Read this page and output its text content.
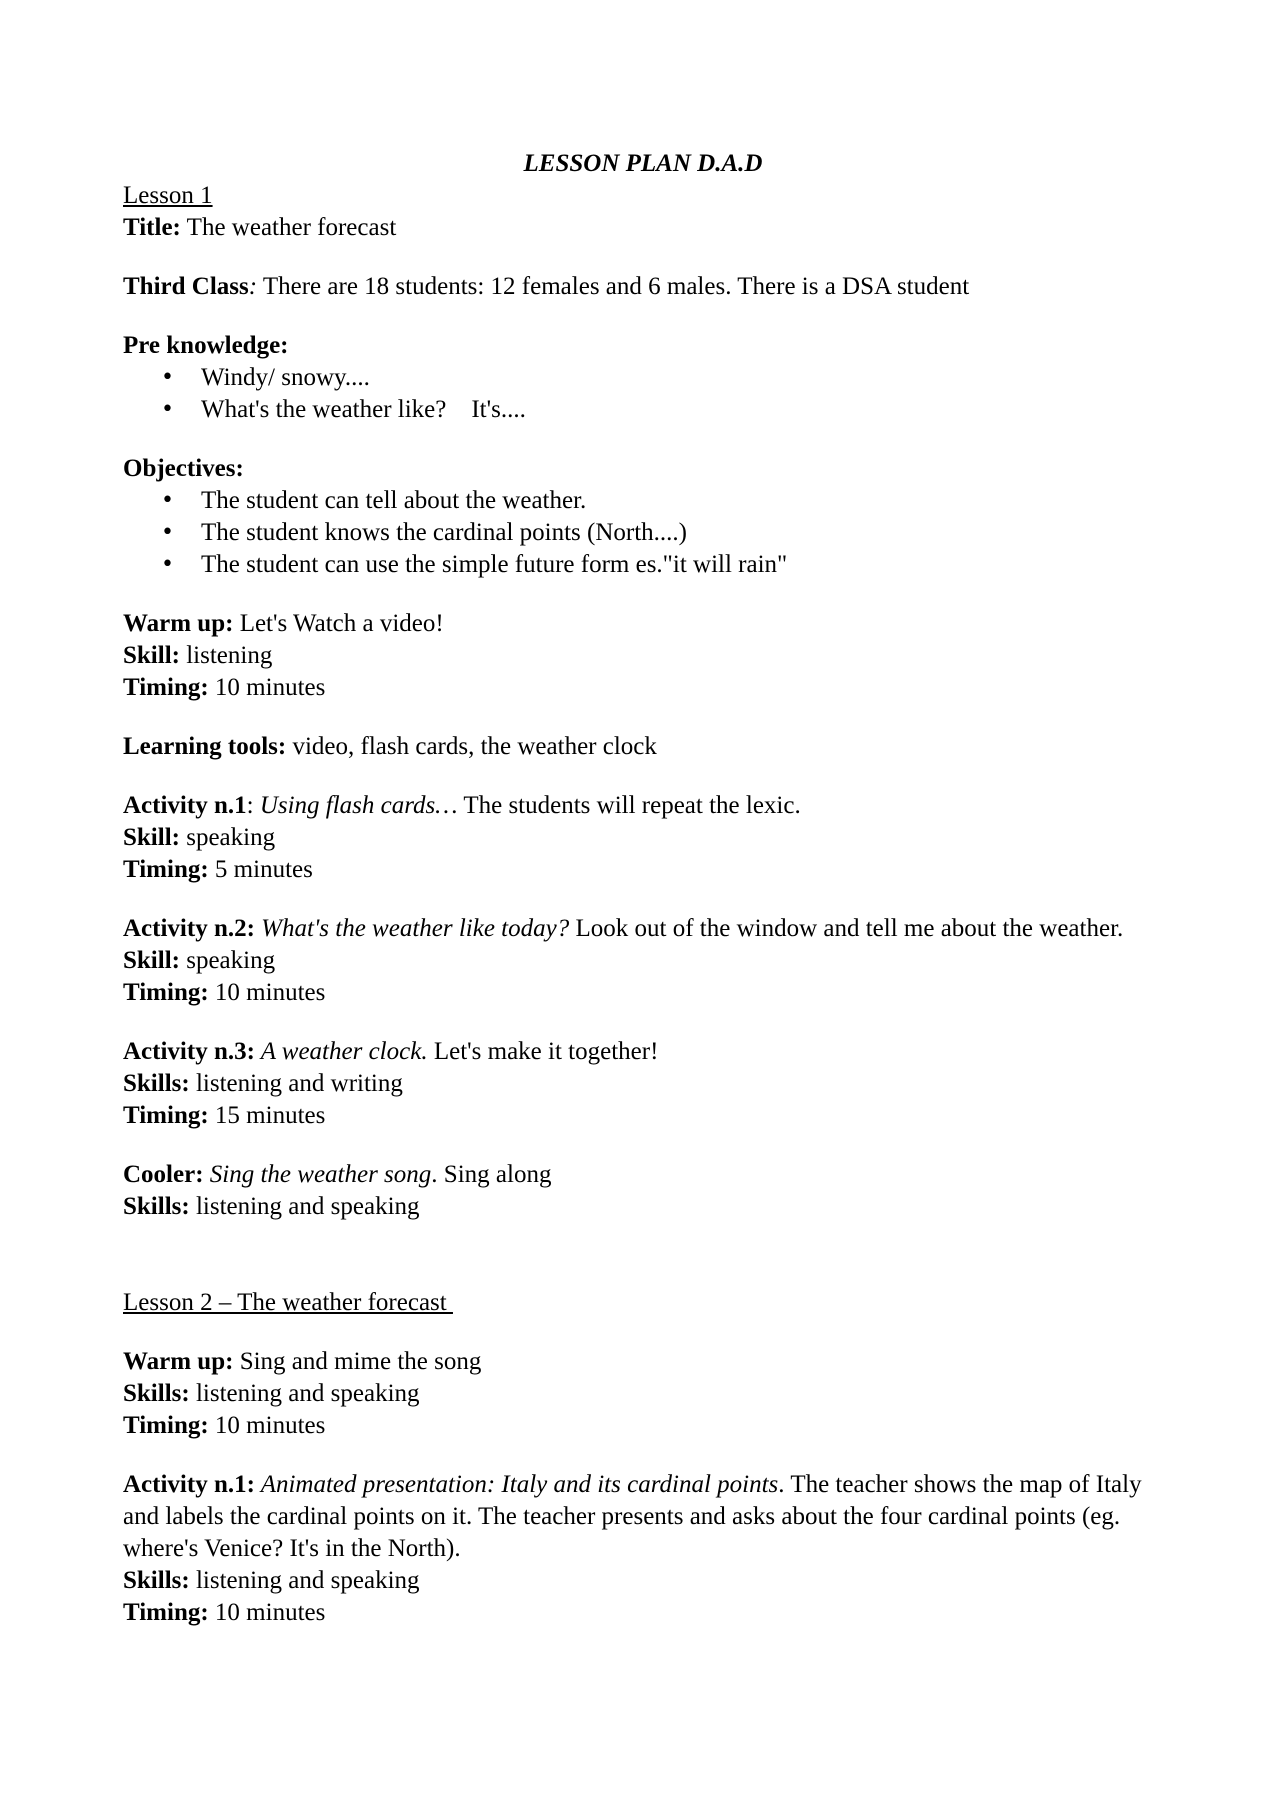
LESSON PLAN D.A.D
Lesson 1
Title: The weather forecast
Third Class: There are 18 students: 12 females and 6 males. There is a DSA student
Pre knowledge:
• Windy/ snowy....
• What's the weather like?    It's....
Objectives:
• The student can tell about the weather.
• The student knows the cardinal points (North....)
• The student can use the simple future form es."it will rain"
Warm up: Let's Watch a video!
Skill: listening
Timing: 10 minutes
Learning tools: video, flash cards, the weather clock
Activity n.1: Using flash cards… The students will repeat the lexic.
Skill: speaking
Timing: 5 minutes
Activity n.2: What's the weather like today? Look out of the window and tell me about the weather.
Skill: speaking
Timing: 10 minutes
Activity n.3: A weather clock. Let's make it together!
Skills: listening and writing
Timing: 15 minutes
Cooler: Sing the weather song. Sing along
Skills: listening and speaking
Lesson 2 – The weather forecast
Warm up: Sing and mime the song
Skills: listening and speaking
Timing: 10 minutes
Activity n.1: Animated presentation: Italy and its cardinal points. The teacher shows the map of Italy and labels the cardinal points on it. The teacher presents and asks about the four cardinal points (eg. where's Venice? It's in the North).
Skills: listening and speaking
Timing: 10 minutes
